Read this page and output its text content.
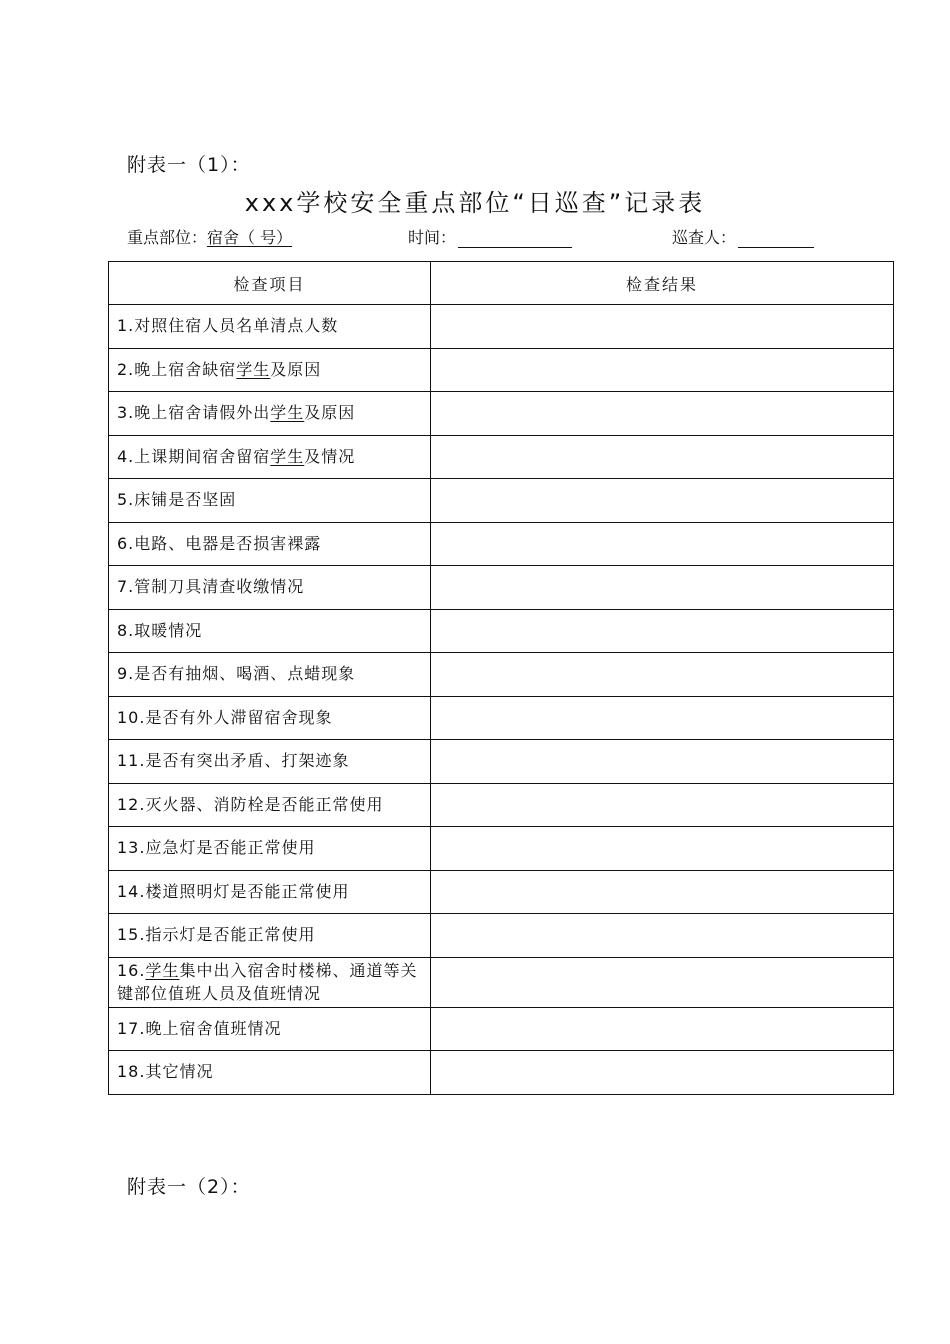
附表一（1）：
xxx学校安全重点部位“日巡查”记录表
重点部位：宿舍（ 号）	时间：	巡查人：
检查项目	检查结果
1.对照住宿人员名单清点人数	
2.晚上宿舍缺宿学生及原因	
3.晚上宿舍请假外出学生及原因	
4.上课期间宿舍留宿学生及情况	
5.床铺是否坚固	
6.电路、电器是否损害裸露	
7.管制刀具清查收缴情况	
8.取暖情况	
9.是否有抽烟、喝酒、点蜡现象	
10.是否有外人滞留宿舍现象	
11.是否有突出矛盾、打架迹象	
12.灭火器、消防栓是否能正常使用	
13.应急灯是否能正常使用	
14.楼道照明灯是否能正常使用	
15.指示灯是否能正常使用	
16.学生集中出入宿舍时楼梯、通道等关键部位值班人员及值班情况	
17.晚上宿舍值班情况	
18.其它情况	
附表一（2）：
